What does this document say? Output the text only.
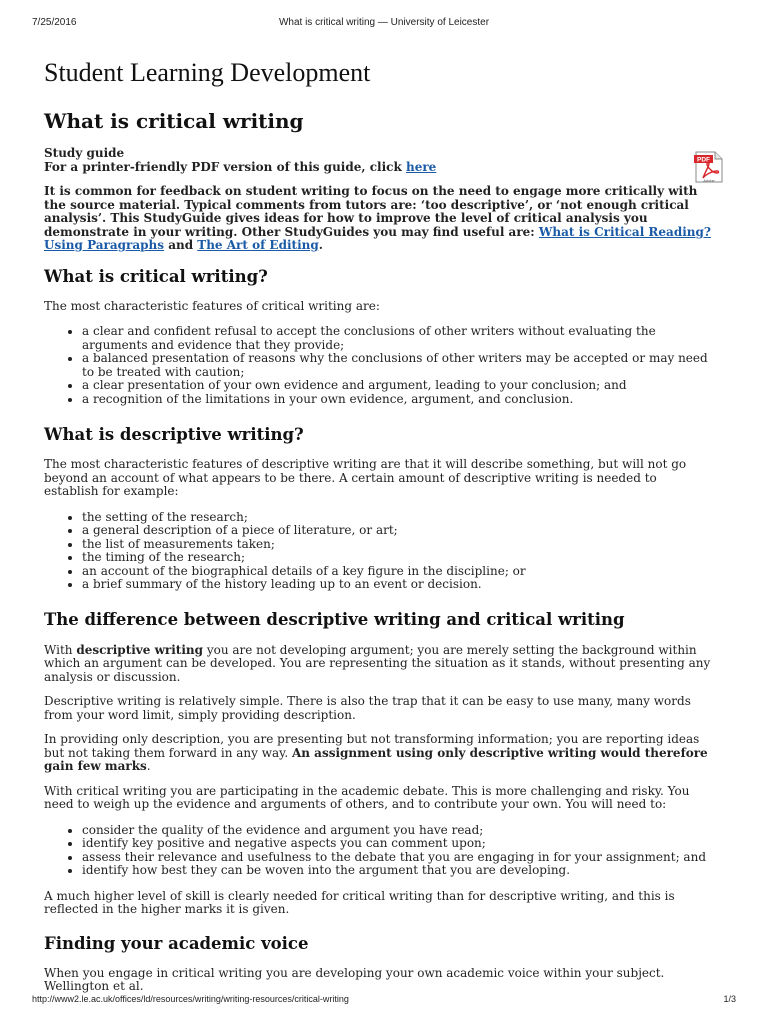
7/25/2016	What is critical writing — University of Leicester
Student Learning Development
What is critical writing

Study guide

For a printer-friendly PDF version of this guide, click here	PDF
Adobe

It is common for feedback on student writing to focus on the need to engage more critically with the source material. Typical comments from tutors are: ‘too descriptive’, or ‘not enough critical analysis’. This StudyGuide gives ideas for how to improve the level of critical analysis you demonstrate in your writing. Other StudyGuides you may find useful are: What is Critical Reading? Using Paragraphs and The Art of Editing.

What is critical writing?

The most characteristic features of critical writing are:

• a clear and confident refusal to accept the conclusions of other writers without evaluating the arguments and evidence that they provide;
• a balanced presentation of reasons why the conclusions of other writers may be accepted or may need to be treated with caution;
• a clear presentation of your own evidence and argument, leading to your conclusion; and
• a recognition of the limitations in your own evidence, argument, and conclusion.
What is descriptive writing?

The most characteristic features of descriptive writing are that it will describe something, but will not go beyond an account of what appears to be there. A certain amount of descriptive writing is needed to establish for example:

• the setting of the research;
• a general description of a piece of literature, or art;
• the list of measurements taken;
• the timing of the research;
• an account of the biographical details of a key figure in the discipline; or
• a brief summary of the history leading up to an event or decision.
The difference between descriptive writing and critical writing

With descriptive writing you are not developing argument; you are merely setting the background within which an argument can be developed. You are representing the situation as it stands, without presenting any analysis or discussion.

Descriptive writing is relatively simple. There is also the trap that it can be easy to use many, many words from your word limit, simply providing description.

In providing only description, you are presenting but not transforming information; you are reporting ideas but not taking them forward in any way. An assignment using only descriptive writing would therefore gain few marks.

With critical writing you are participating in the academic debate. This is more challenging and risky. You need to weigh up the evidence and arguments of others, and to contribute your own. You will need to:

• consider the quality of the evidence and argument you have read;
• identify key positive and negative aspects you can comment upon;
• assess their relevance and usefulness to the debate that you are engaging in for your assignment; and
• identify how best they can be woven into the argument that you are developing.

A much higher level of skill is clearly needed for critical writing than for descriptive writing, and this is reflected in the higher marks it is given.

Finding your academic voice

When you engage in critical writing you are developing your own academic voice within your subject. Wellington et al.

http://www2.le.ac.uk/offices/ld/resources/writing/writing-resources/critical-writing	1/3
